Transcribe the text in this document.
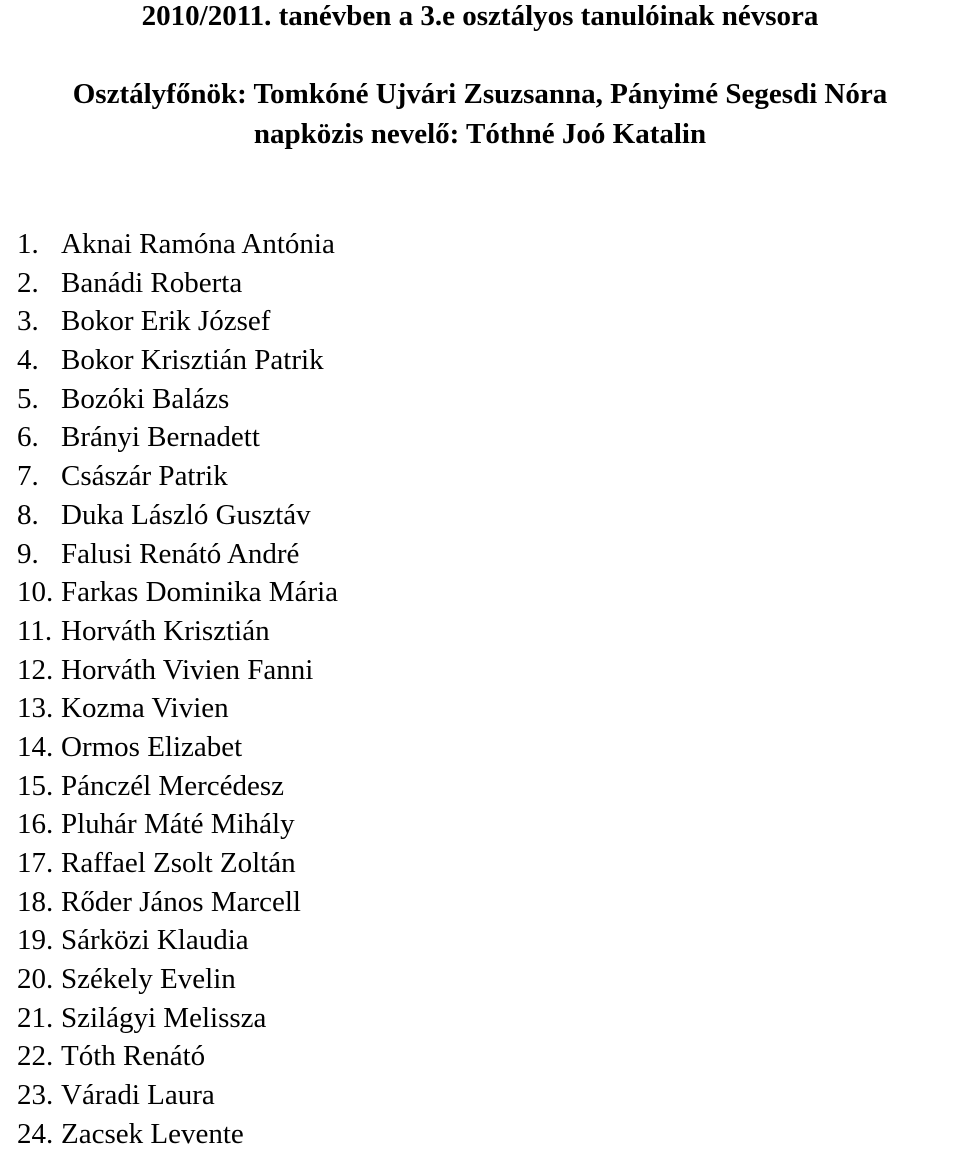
2010/2011. tanévben a 3.e osztályos tanulóinak névsora
Osztályfőnök: Tomkóné Ujvári Zsuzsanna, Pányimé Segesdi Nóra
napközis nevelő: Tóthné Joó Katalin
1. Aknai Ramóna Antónia
2. Banádi Roberta
3. Bokor Erik József
4. Bokor Krisztián Patrik
5. Bozóki Balázs
6. Brányi Bernadett
7. Császár Patrik
8. Duka László Gusztáv
9. Falusi Renátó André
10. Farkas Dominika Mária
11. Horváth Krisztián
12. Horváth Vivien Fanni
13. Kozma Vivien
14. Ormos Elizabet
15. Pánczél Mercédesz
16. Pluhár Máté Mihály
17. Raffael Zsolt Zoltán
18. Rőder János Marcell
19. Sárközi Klaudia
20. Székely Evelin
21. Szilágyi Melissza
22. Tóth Renátó
23. Váradi Laura
24. Zacsek Levente
